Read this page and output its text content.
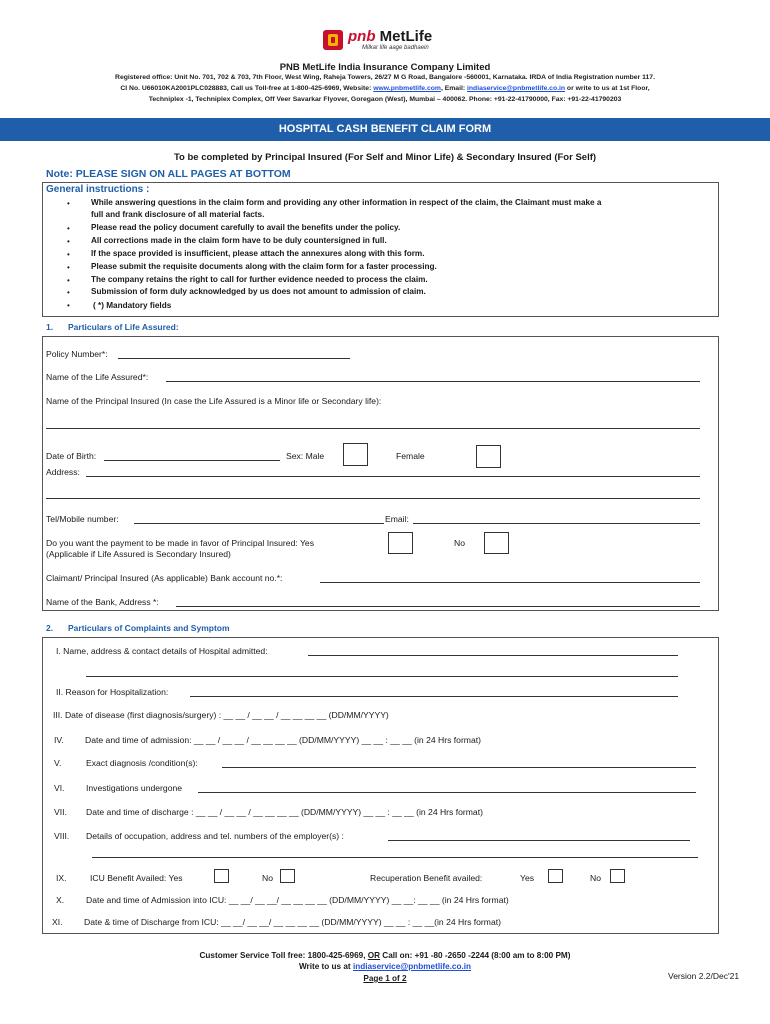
pnb MetLife
Milkar life aage badhaein
PNB MetLife India Insurance Company Limited
Registered office: Unit No. 701, 702 & 703, 7th Floor, West Wing, Raheja Towers, 26/27 M G Road, Bangalore -560001, Karnataka. IRDA of India Registration number 117.
CI No. U66010KA2001PLC028883, Call us Toll-free at 1-800-425-6969, Website: www.pnbmetlife.com, Email: indiaservice@pnbmetlife.co.in or write to us at 1st Floor,
Techniplex -1, Techniplex Complex, Off Veer Savarkar Flyover, Goregaon (West), Mumbai – 400062. Phone: +91-22-41790000, Fax: +91-22-41790203
HOSPITAL CASH BENEFIT CLAIM FORM
To be completed by Principal Insured (For Self and Minor Life) & Secondary Insured (For Self)
Note: PLEASE SIGN ON ALL PAGES AT BOTTOM
General instructions :
•	While answering questions in the claim form and providing any other information in respect of the claim, the Claimant must make a
full and frank disclosure of all material facts.
•	Please read the policy document carefully to avail the benefits under the policy.
•	All corrections made in the claim form have to be duly countersigned in full.
•	If the space provided is insufficient, please attach the annexures along with this form.
•	Please submit the requisite documents along with the claim form for a faster processing.
•	The company retains the right to call for further evidence needed to process the claim.
•	Submission of form duly acknowledged by us does not amount to admission of claim.
•	( *) Mandatory fields
1. Particulars of Life Assured:
Policy Number*:
Name of the Life Assured*:
Name of the Principal Insured (In case the Life Assured is a Minor life or Secondary life):
Date of Birth:	Sex: Male	Female
Address:
Tel/Mobile number:	Email:
Do you want the payment to be made in favor of Principal Insured: Yes
(Applicable if Life Assured is Secondary Insured)
No
Claimant/ Principal Insured (As applicable) Bank account no.*:
Name of the Bank, Address *:
2. Particulars of Complaints and Symptom
I. Name, address & contact details of Hospital admitted:
II. Reason for Hospitalization:
III. Date of disease (first diagnosis/surgery) : __ __ / __ __ / __ __ __ __ (DD/MM/YYYY)
IV. Date and time of admission: __ __ / __ __ / __ __ __ __ (DD/MM/YYYY) __ __ : __ __ (in 24 Hrs format)
V.	Exact diagnosis /condition(s):
VI. Investigations undergone
VII. Date and time of discharge : __ __ / __ __ / __ __ __ __ (DD/MM/YYYY) __ __ : __ __ (in 24 Hrs format)
VIII. Details of occupation, address and tel. numbers of the employer(s) :
IX.	ICU Benefit Availed: Yes	No	Recuperation Benefit availed:	Yes	No
X.	Date and time of Admission into ICU: __ __/ __ __/ __ __ __ __ (DD/MM/YYYY) __ __: __ __ (in 24 Hrs format)
XI. Date & time of Discharge from ICU: __ __/ __ __/ __ __ __ __ (DD/MM/YYYY) __ __ : __ __(in 24 Hrs format)
Customer Service Toll free: 1800-425-6969, OR Call on: +91 -80 -2650 -2244 (8:00 am to 8:00 PM)
Write to us at indiaservice@pnbmetlife.co.in
Page 1 of 2	Version 2.2/Dec'21
